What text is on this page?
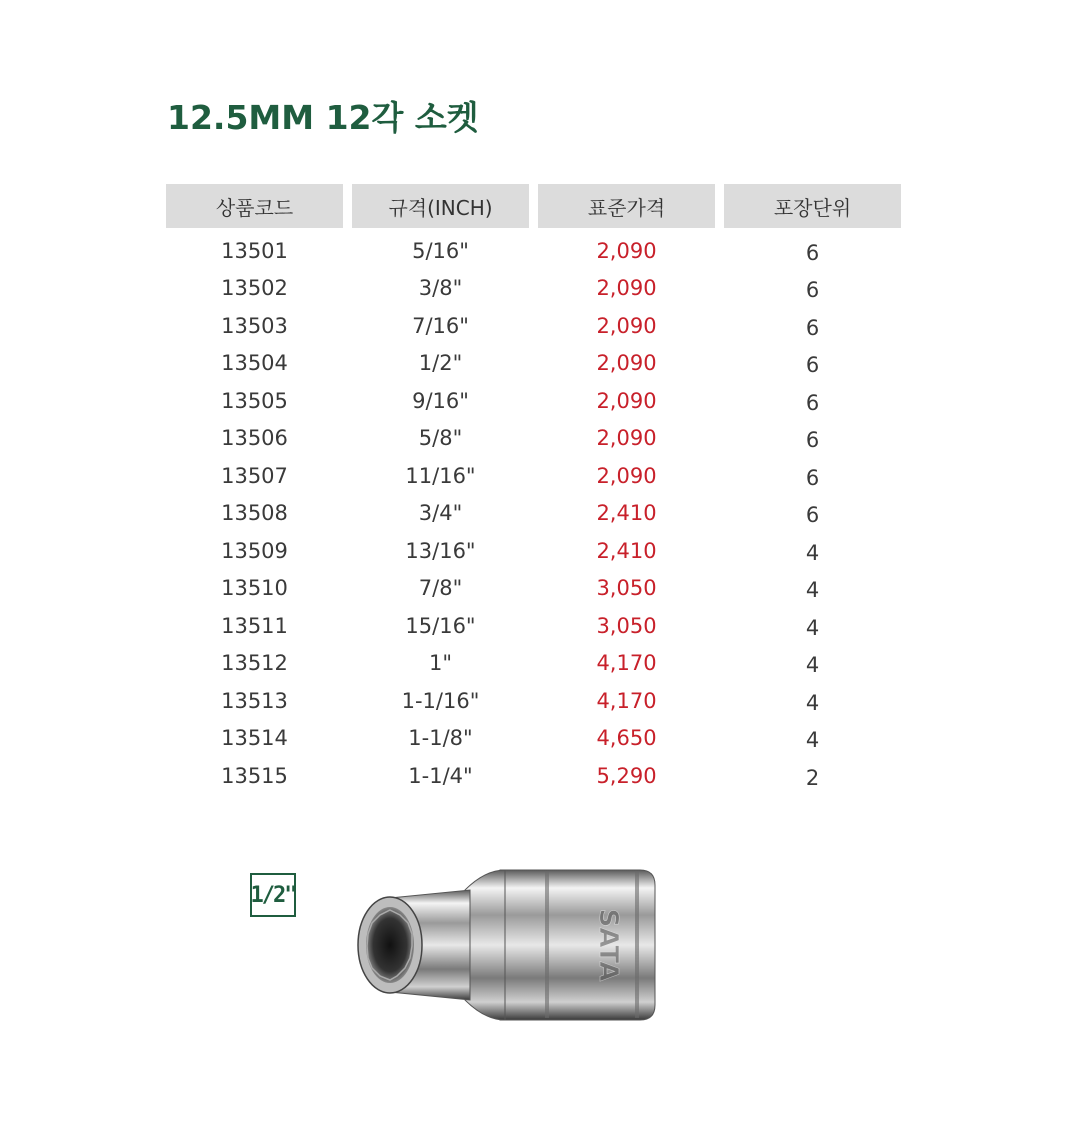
12.5MM 12각 소켓
상품코드	규격(INCH)	표준가격	포장단위
13501	5/16"	2,090	6
13502	3/8"	2,090	6
13503	7/16"	2,090	6
13504	1/2"	2,090	6
13505	9/16"	2,090	6
13506	5/8"	2,090	6
13507	11/16"	2,090	6
13508	3/4"	2,410	6
13509	13/16"	2,410	4
13510	7/8"	3,050	4
13511	15/16"	3,050	4
13512	1"	4,170	4
13513	1-1/16"	4,170	4
13514	1-1/8"	4,650	4
13515	1-1/4"	5,290	2
1/2"
SATA
